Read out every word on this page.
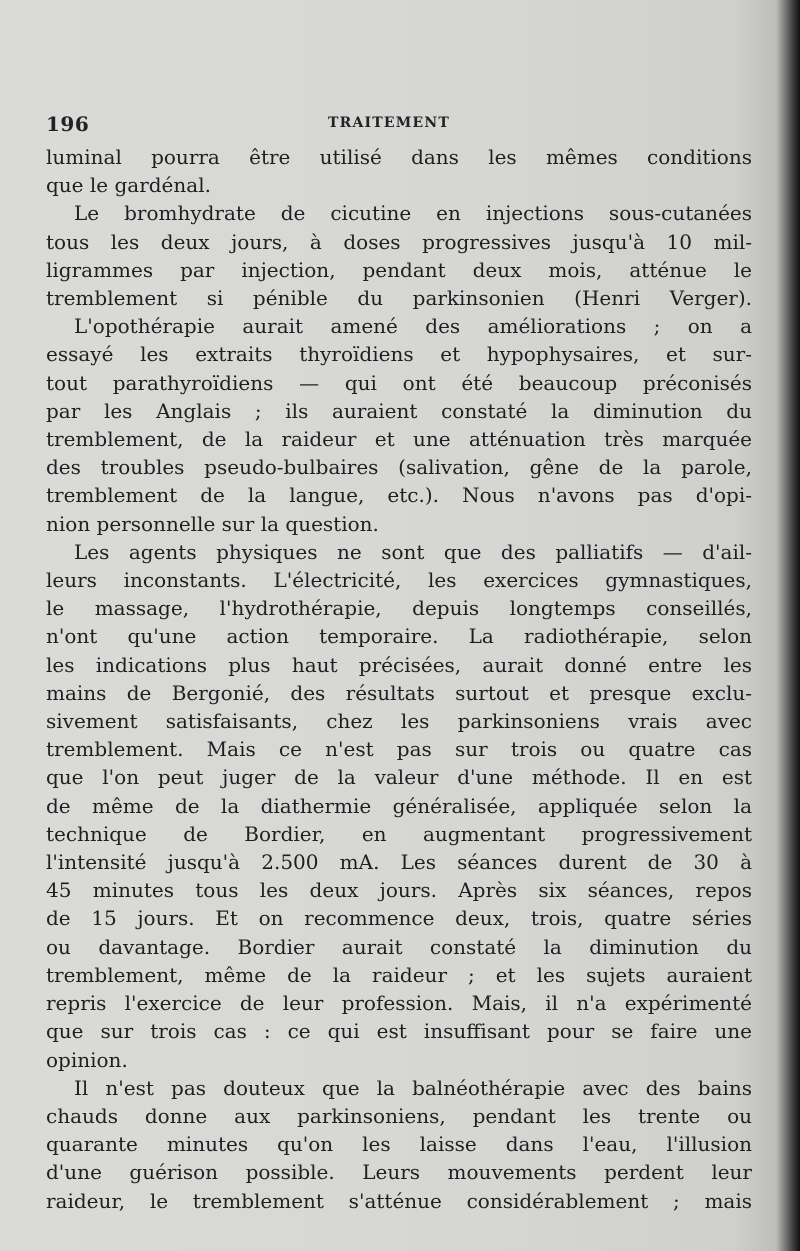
196	TRAITEMENT

luminal pourra être utilisé dans les mêmes conditions
que le gardénal.

Le bromhydrate de cicutine en injections sous-cutanées
tous les deux jours, à doses progressives jusqu'à 10 mil-
ligrammes par injection, pendant deux mois, atténue le
tremblement si pénible du parkinsonien (Henri Verger).

L'opothérapie aurait amené des améliorations ; on a
essayé les extraits thyroïdiens et hypophysaires, et sur-
tout parathyroïdiens — qui ont été beaucoup préconisés
par les Anglais ; ils auraient constaté la diminution du
tremblement, de la raideur et une atténuation très marquée
des troubles pseudo-bulbaires (salivation, gêne de la parole,
tremblement de la langue, etc.). Nous n'avons pas d'opi-
nion personnelle sur la question.

Les agents physiques ne sont que des palliatifs — d'ail-
leurs inconstants. L'électricité, les exercices gymnastiques,
le massage, l'hydrothérapie, depuis longtemps conseillés,
n'ont qu'une action temporaire. La radiothérapie, selon
les indications plus haut précisées, aurait donné entre les
mains de Bergonié, des résultats surtout et presque exclu-
sivement satisfaisants, chez les parkinsoniens vrais avec
tremblement. Mais ce n'est pas sur trois ou quatre cas
que l'on peut juger de la valeur d'une méthode. Il en est
de même de la diathermie généralisée, appliquée selon la
technique de Bordier, en augmentant progressivement
l'intensité jusqu'à 2.500 mA. Les séances durent de 30 à
45 minutes tous les deux jours. Après six séances, repos
de 15 jours. Et on recommence deux, trois, quatre séries
ou davantage. Bordier aurait constaté la diminution du
tremblement, même de la raideur ; et les sujets auraient
repris l'exercice de leur profession. Mais, il n'a expérimenté
que sur trois cas : ce qui est insuffisant pour se faire une
opinion.

Il n'est pas douteux que la balnéothérapie avec des bains
chauds donne aux parkinsoniens, pendant les trente ou
quarante minutes qu'on les laisse dans l'eau, l'illusion
d'une guérison possible. Leurs mouvements perdent leur
raideur, le tremblement s'atténue considérablement ; mais
